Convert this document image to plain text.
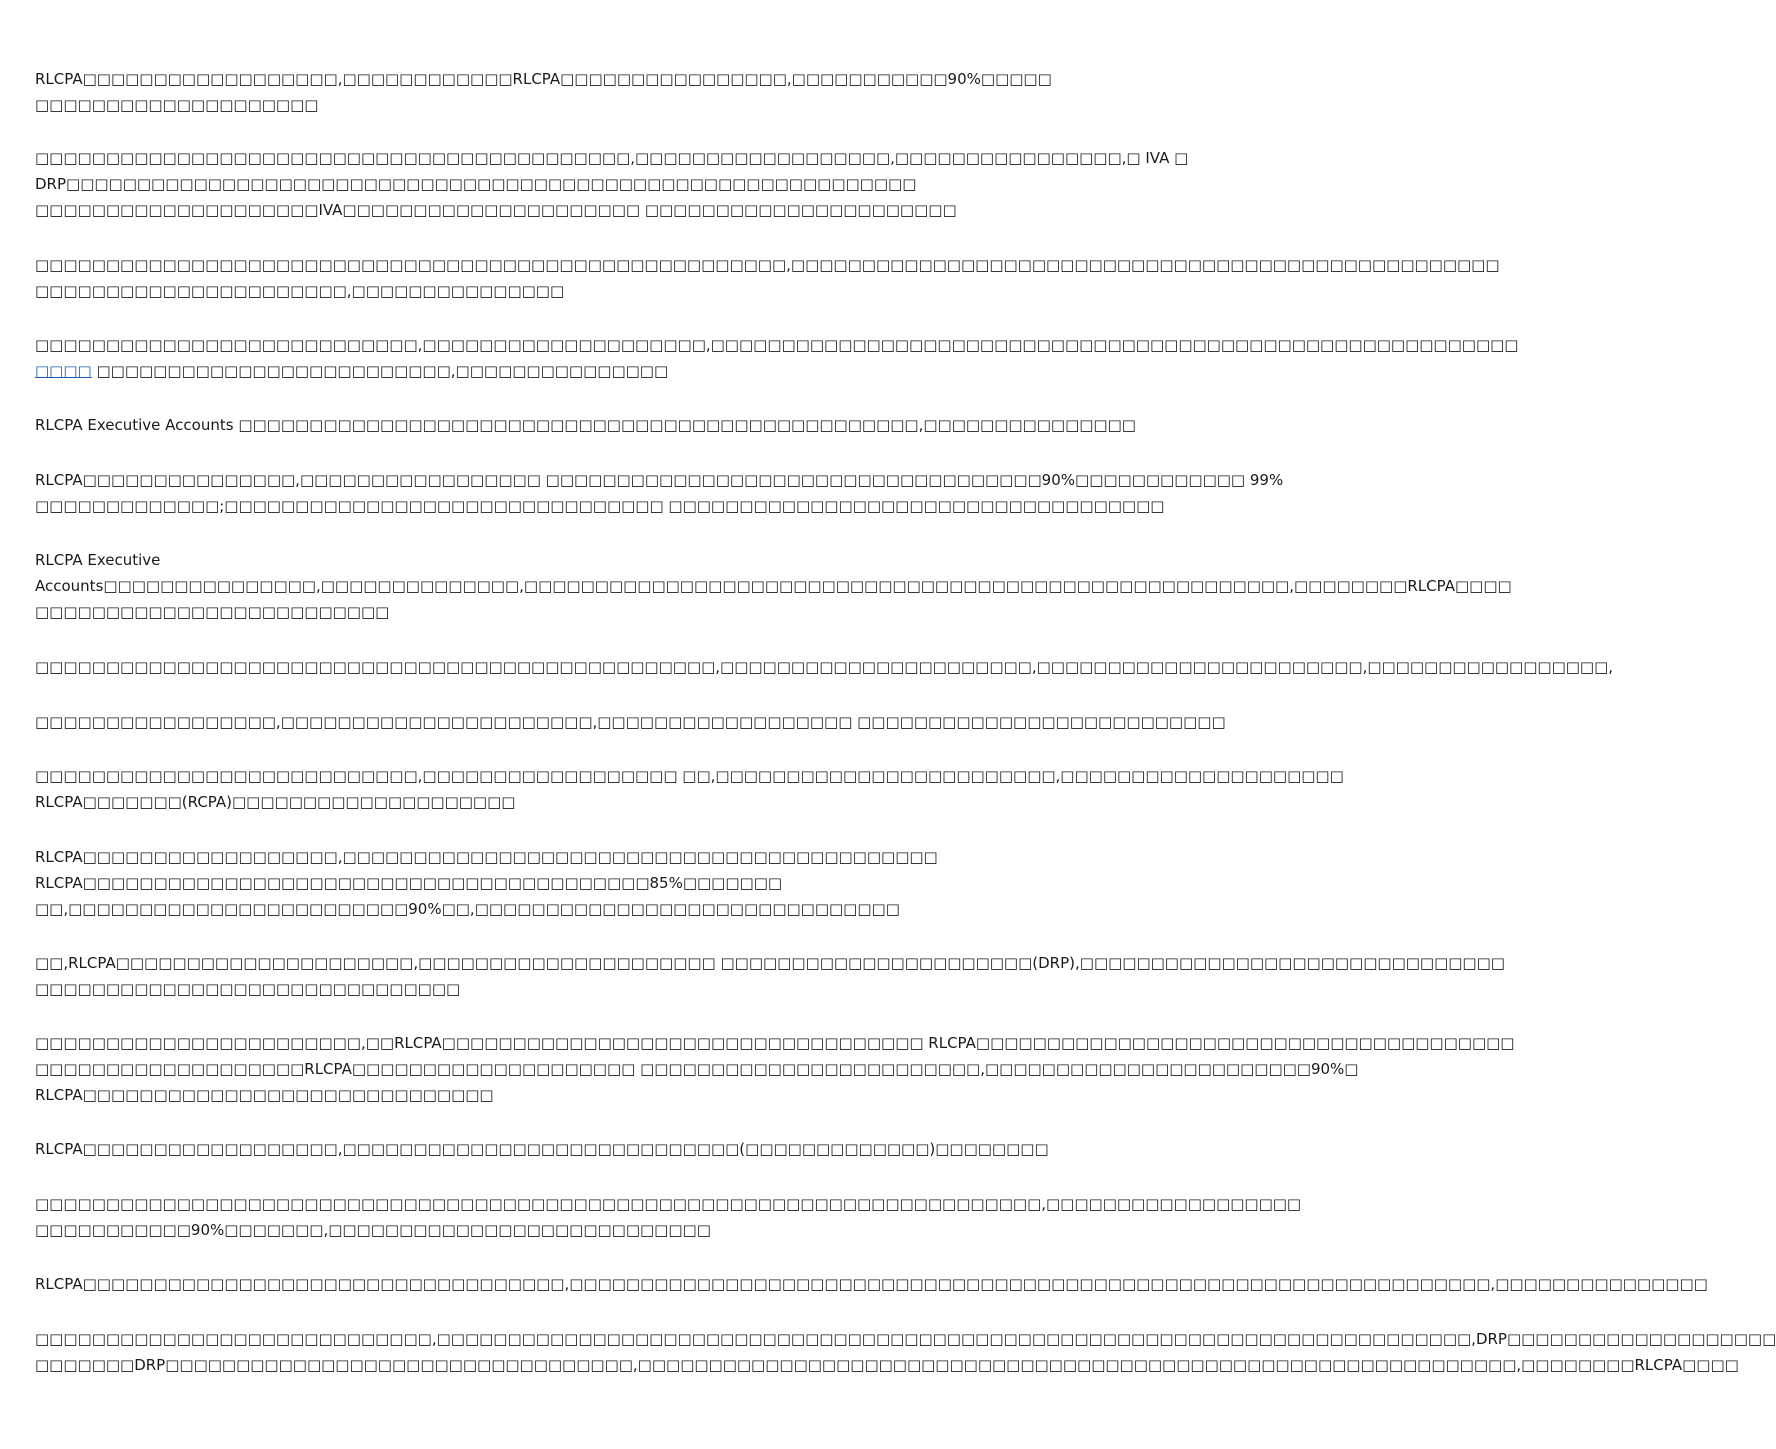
RLCPA□□□□□□□□□□□□□□□□□□,□□□□□□□□□□□□RLCPA□□□□□□□□□□□□□□□□,□□□□□□□□□□□90%□□□□□
□□□□□□□□□□□□□□□□□□□□

□□□□□□□□□□□□□□□□□□□□□□□□□□□□□□□□□□□□□□□□□□,□□□□□□□□□□□□□□□□□□,□□□□□□□□□□□□□□□□,□ IVA □
DRP□□□□□□□□□□□□□□□□□□□□□□□□□□□□□□□□□□□□□□□□□□□□□□□□□□□□□□□□□□□□
□□□□□□□□□□□□□□□□□□□□IVA□□□□□□□□□□□□□□□□□□□□□ □□□□□□□□□□□□□□□□□□□□□□

□□□□□□□□□□□□□□□□□□□□□□□□□□□□□□□□□□□□□□□□□□□□□□□□□□□□□,□□□□□□□□□□□□□□□□□□□□□□□□□□□□□□□□□□□□□□□□□□□□□□□□□□
□□□□□□□□□□□□□□□□□□□□□□,□□□□□□□□□□□□□□□

□□□□□□□□□□□□□□□□□□□□□□□□□□□,□□□□□□□□□□□□□□□□□□□□,□□□□□□□□□□□□□□□□□□□□□□□□□□□□□□□□□□□□□□□□□□□□□□□□□□□□□□□□□
□□□□ □□□□□□□□□□□□□□□□□□□□□□□□□,□□□□□□□□□□□□□□□

RLCPA Executive Accounts □□□□□□□□□□□□□□□□□□□□□□□□□□□□□□□□□□□□□□□□□□□□□□□□,□□□□□□□□□□□□□□□

RLCPA□□□□□□□□□□□□□□□,□□□□□□□□□□□□□□□□□ □□□□□□□□□□□□□□□□□□□□□□□□□□□□□□□□□□□90%□□□□□□□□□□□□ 99%
□□□□□□□□□□□□□;□□□□□□□□□□□□□□□□□□□□□□□□□□□□□□□ □□□□□□□□□□□□□□□□□□□□□□□□□□□□□□□□□□□

RLCPA Executive
Accounts□□□□□□□□□□□□□□□,□□□□□□□□□□□□□□,□□□□□□□□□□□□□□□□□□□□□□□□□□□□□□□□□□□□□□□□□□□□□□□□□□□□□□,□□□□□□□□RLCPA□□□□
□□□□□□□□□□□□□□□□□□□□□□□□□

□□□□□□□□□□□□□□□□□□□□□□□□□□□□□□□□□□□□□□□□□□□□□□□□,□□□□□□□□□□□□□□□□□□□□□□,□□□□□□□□□□□□□□□□□□□□□□□,□□□□□□□□□□□□□□□□□,

□□□□□□□□□□□□□□□□□,□□□□□□□□□□□□□□□□□□□□□□,□□□□□□□□□□□□□□□□□□ □□□□□□□□□□□□□□□□□□□□□□□□□□

□□□□□□□□□□□□□□□□□□□□□□□□□□□,□□□□□□□□□□□□□□□□□□ □□,□□□□□□□□□□□□□□□□□□□□□□□□,□□□□□□□□□□□□□□□□□□□□
RLCPA□□□□□□□(RCPA)□□□□□□□□□□□□□□□□□□□□

RLCPA□□□□□□□□□□□□□□□□□□,□□□□□□□□□□□□□□□□□□□□□□□□□□□□□□□□□□□□□□□□□□
RLCPA□□□□□□□□□□□□□□□□□□□□□□□□□□□□□□□□□□□□□□□□85%□□□□□□□
□□,□□□□□□□□□□□□□□□□□□□□□□□□90%□□,□□□□□□□□□□□□□□□□□□□□□□□□□□□□□□

□□,RLCPA□□□□□□□□□□□□□□□□□□□□□,□□□□□□□□□□□□□□□□□□□□□ □□□□□□□□□□□□□□□□□□□□□□(DRP),□□□□□□□□□□□□□□□□□□□□□□□□□□□□□□
□□□□□□□□□□□□□□□□□□□□□□□□□□□□□□

□□□□□□□□□□□□□□□□□□□□□□□,□□RLCPA□□□□□□□□□□□□□□□□□□□□□□□□□□□□□□□□□□ RLCPA□□□□□□□□□□□□□□□□□□□□□□□□□□□□□□□□□□□□□□
□□□□□□□□□□□□□□□□□□□RLCPA□□□□□□□□□□□□□□□□□□□□ □□□□□□□□□□□□□□□□□□□□□□□□,□□□□□□□□□□□□□□□□□□□□□□□90%□
RLCPA□□□□□□□□□□□□□□□□□□□□□□□□□□□□□

RLCPA□□□□□□□□□□□□□□□□□□,□□□□□□□□□□□□□□□□□□□□□□□□□□□□(□□□□□□□□□□□□□)□□□□□□□□

□□□□□□□□□□□□□□□□□□□□□□□□□□□□□□□□□□□□□□□□□□□□□□□□□□□□□□□□□□□□□□□□□□□□□□□,□□□□□□□□□□□□□□□□□□
□□□□□□□□□□□90%□□□□□□□,□□□□□□□□□□□□□□□□□□□□□□□□□□□

RLCPA□□□□□□□□□□□□□□□□□□□□□□□□□□□□□□□□□□,□□□□□□□□□□□□□□□□□□□□□□□□□□□□□□□□□□□□□□□□□□□□□□□□□□□□□□□□□□□□□□□□□,□□□□□□□□□□□□□□□

□□□□□□□□□□□□□□□□□□□□□□□□□□□□,□□□□□□□□□□□□□□□□□□□□□□□□□□□□□□□□□□□□□□□□□□□□□□□□□□□□□□□□□□□□□□□□□□□□□□□□□,DRP□□□□□□□□□□□□□□□□□□□
□□□□□□□DRP□□□□□□□□□□□□□□□□□□□□□□□□□□□□□□□□□,□□□□□□□□□□□□□□□□□□□□□□□□□□□□□□□□□□□□□□□□□□□□□□□□□□□□□□□□□□□□□□,□□□□□□□□RLCPA□□□□
